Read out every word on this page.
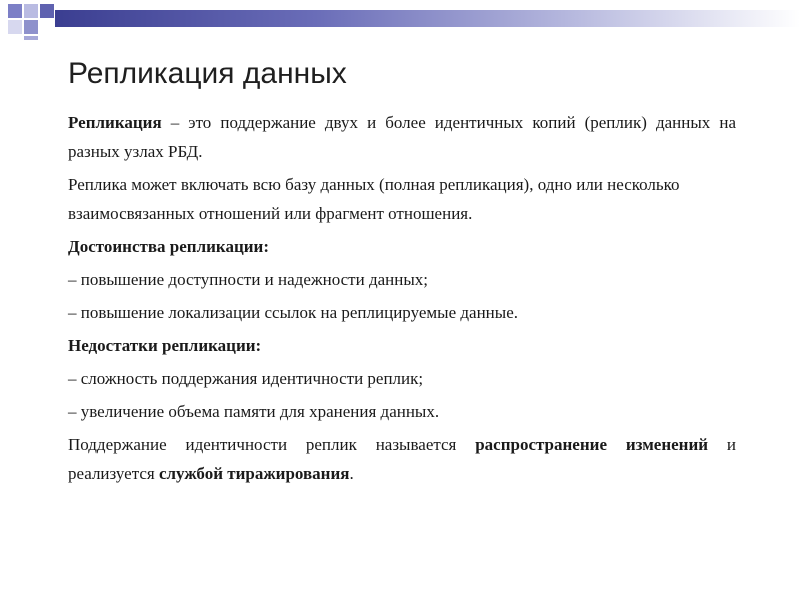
Репликация данных

Репликация – это поддержание двух и более идентичных копий (реплик) данных на разных узлах РБД.

Реплика может включать всю базу данных (полная репликация), одно или несколько взаимосвязанных отношений или фрагмент отношения.

Достоинства репликации:

– повышение доступности и надежности данных;

– повышение локализации ссылок на реплицируемые данные.

Недостатки репликации:

– сложность поддержания идентичности реплик;

– увеличение объема памяти для хранения данных.

Поддержание идентичности реплик называется распространение изменений и реализуется службой тиражирования.
